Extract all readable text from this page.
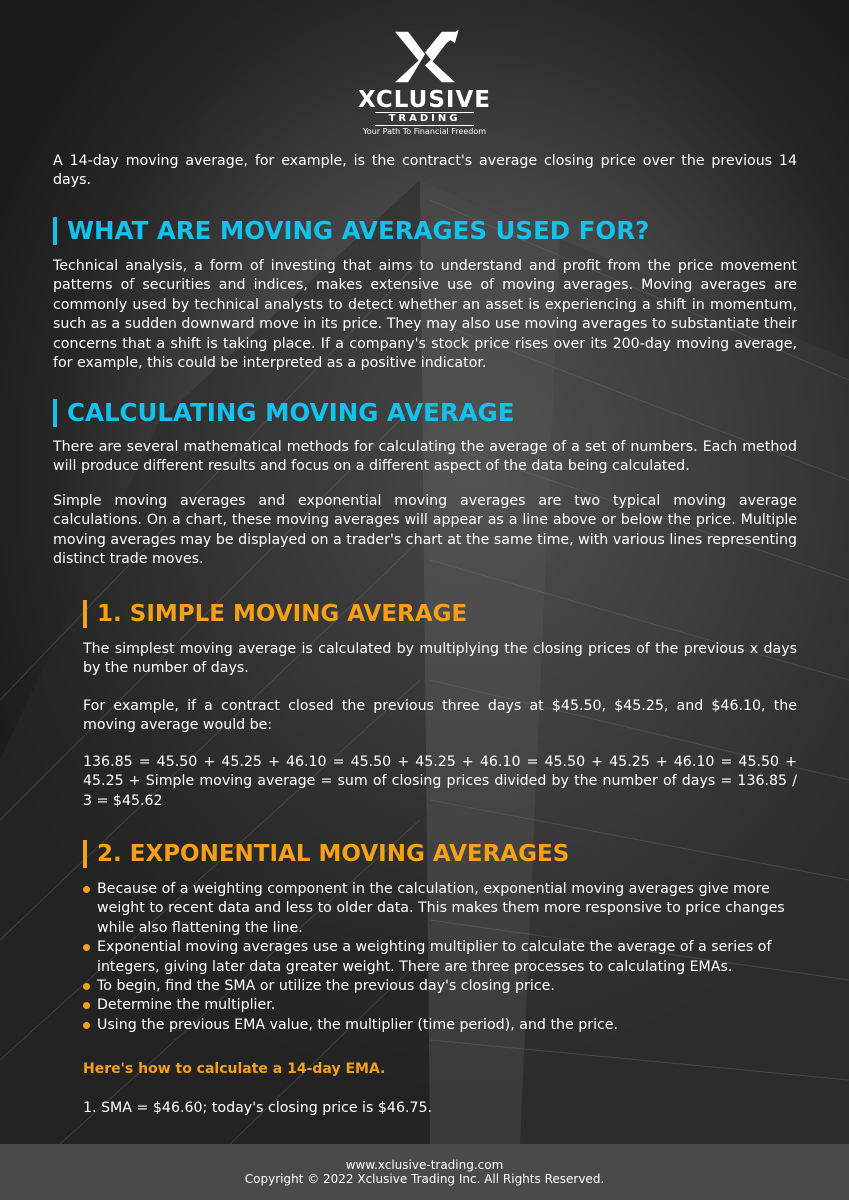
XCLUSIVE
TRADING
Your Path To Financial Freedom

A 14-day moving average, for example, is the contract's average closing price over the previous 14 days.

WHAT ARE MOVING AVERAGES USED FOR?

Technical analysis, a form of investing that aims to understand and profit from the price movement patterns of securities and indices, makes extensive use of moving averages. Moving averages are commonly used by technical analysts to detect whether an asset is experiencing a shift in momentum, such as a sudden downward move in its price. They may also use moving averages to substantiate their concerns that a shift is taking place. If a company's stock price rises over its 200-day moving average, for example, this could be interpreted as a positive indicator.

CALCULATING MOVING AVERAGE

There are several mathematical methods for calculating the average of a set of numbers. Each method will produce different results and focus on a different aspect of the data being calculated.

Simple moving averages and exponential moving averages are two typical moving average calculations. On a chart, these moving averages will appear as a line above or below the price. Multiple moving averages may be displayed on a trader's chart at the same time, with various lines representing distinct trade moves.

1. SIMPLE MOVING AVERAGE

The simplest moving average is calculated by multiplying the closing prices of the previous x days by the number of days.

For example, if a contract closed the previous three days at $45.50, $45.25, and $46.10, the moving average would be:

136.85 = 45.50 + 45.25 + 46.10 = 45.50 + 45.25 + 46.10 = 45.50 + 45.25 + 46.10 = 45.50 + 45.25 + Simple moving average = sum of closing prices divided by the number of days = 136.85 / 3 = $45.62

2. EXPONENTIAL MOVING AVERAGES
Because of a weighting component in the calculation, exponential moving averages give more weight to recent data and less to older data. This makes them more responsive to price changes while also flattening the line.
Exponential moving averages use a weighting multiplier to calculate the average of a series of integers, giving later data greater weight. There are three processes to calculating EMAs.
To begin, find the SMA or utilize the previous day's closing price.
Determine the multiplier.
Using the previous EMA value, the multiplier (time period), and the price.
Here's how to calculate a 14-day EMA.
1. SMA = $46.60; today's closing price is $46.75.
www.xclusive-trading.com
Copyright © 2022 Xclusive Trading Inc. All Rights Reserved.
